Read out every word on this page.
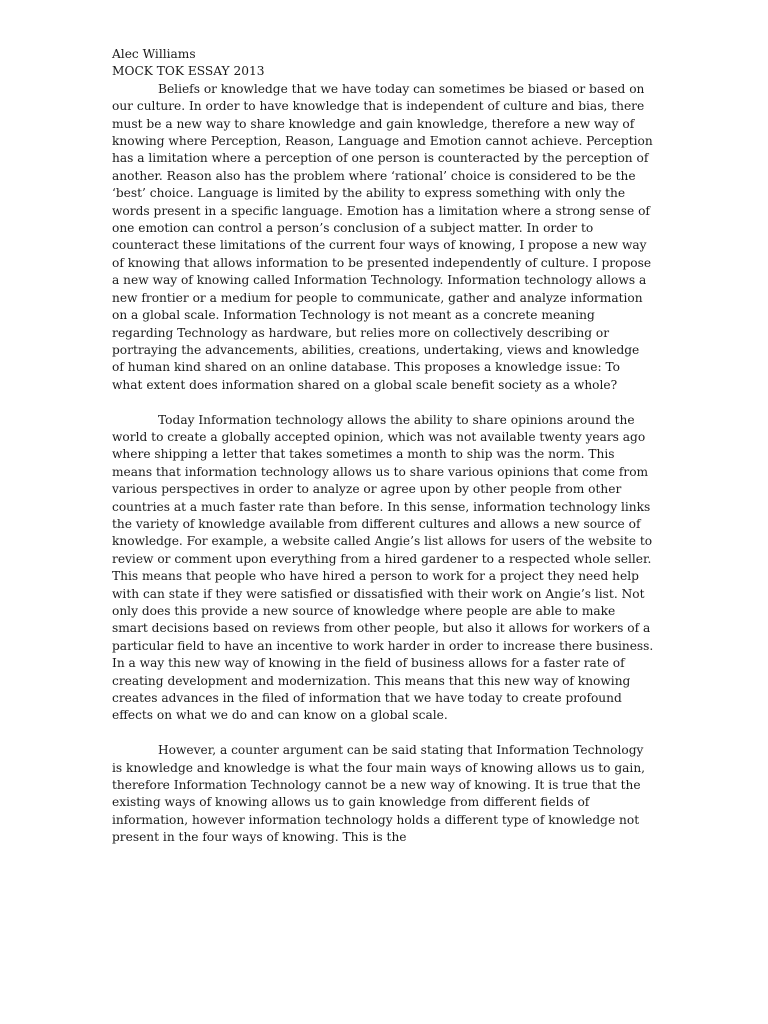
Alec Williams

MOCK TOK ESSAY 2013

Beliefs or knowledge that we have today can sometimes be biased or based on our culture. In order to have knowledge that is independent of culture and bias, there must be a new way to share knowledge and gain knowledge, therefore a new way of knowing where Perception, Reason, Language and Emotion cannot achieve. Perception has a limitation where a perception of one person is counteracted by the perception of another. Reason also has the problem where ‘rational’ choice is considered to be the ‘best’ choice. Language is limited by the ability to express something with only the words present in a specific language. Emotion has a limitation where a strong sense of one emotion can control a person’s conclusion of a subject matter. In order to counteract these limitations of the current four ways of knowing, I propose a new way of knowing that allows information to be presented independently of culture. I propose a new way of knowing called Information Technology. Information technology allows a new frontier or a medium for people to communicate, gather and analyze information on a global scale. Information Technology is not meant as a concrete meaning regarding Technology as hardware, but relies more on collectively describing or portraying the advancements, abilities, creations, undertaking, views and knowledge of human kind shared on an online database. This proposes a knowledge issue: To what extent does information shared on a global scale benefit society as a whole?

Today Information technology allows the ability to share opinions around the world to create a globally accepted opinion, which was not available twenty years ago where shipping a letter that takes sometimes a month to ship was the norm. This means that information technology allows us to share various opinions that come from various perspectives in order to analyze or agree upon by other people from other countries at a much faster rate than before. In this sense, information technology links the variety of knowledge available from different cultures and allows a new source of knowledge. For example, a website called Angie’s list allows for users of the website to review or comment upon everything from a hired gardener to a respected whole seller. This means that people who have hired a person to work for a project they need help with can state if they were satisfied or dissatisfied with their work on Angie’s list. Not only does this provide a new source of knowledge where people are able to make smart decisions based on reviews from other people, but also it allows for workers of a particular field to have an incentive to work harder in order to increase there business. In a way this new way of knowing in the field of business allows for a faster rate of creating development and modernization. This means that this new way of knowing creates advances in the filed of information that we have today to create profound effects on what we do and can know on a global scale.

However, a counter argument can be said stating that Information Technology is knowledge and knowledge is what the four main ways of knowing allows us to gain, therefore Information Technology cannot be a new way of knowing. It is true that the existing ways of knowing allows us to gain knowledge from different fields of information, however information technology holds a different type of knowledge not present in the four ways of knowing. This is the
